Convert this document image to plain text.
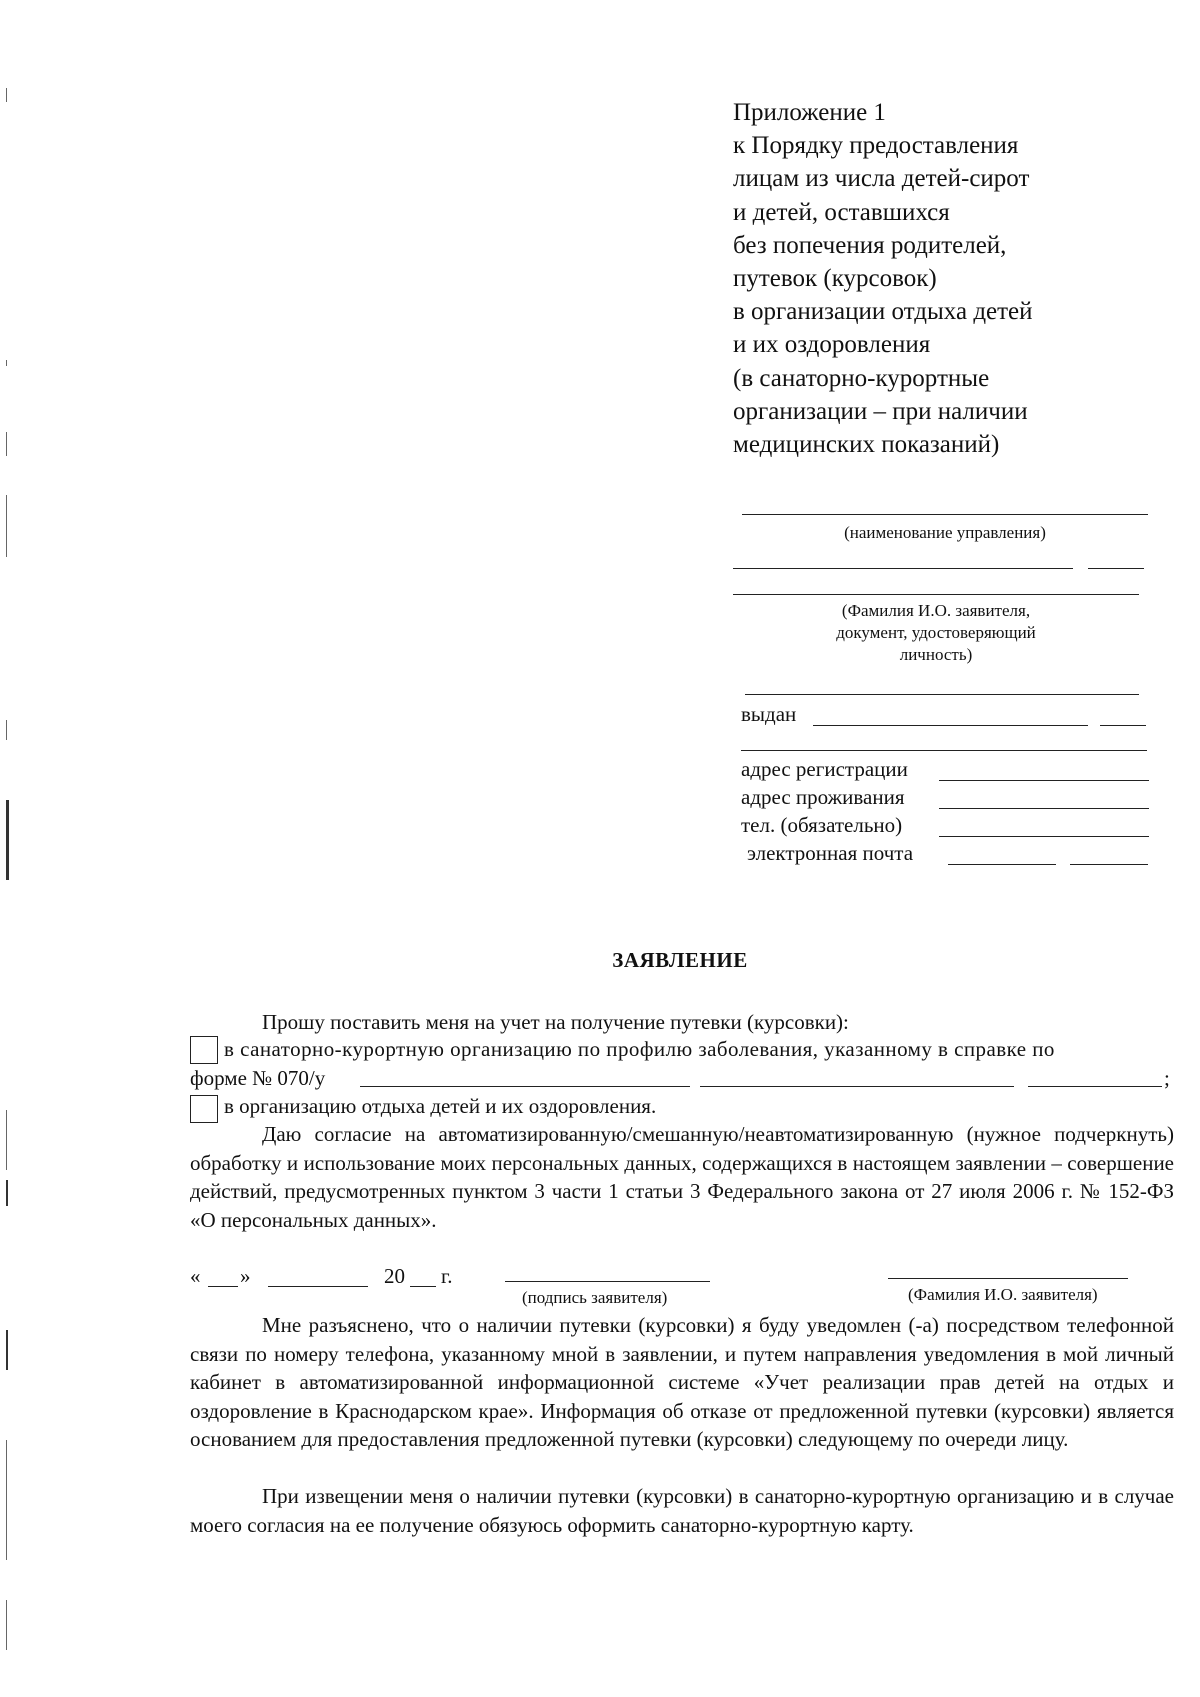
Приложение 1
к Порядку предоставления
лицам из числа детей-сирот
и детей, оставшихся
без попечения родителей,
путевок (курсовок)
в организации отдыха детей
и их оздоровления
(в санаторно-курортные
организации – при наличии
медицинских показаний)
(наименование управления)
(Фамилия И.О. заявителя,
документ, удостоверяющий
личность)
выдан
адрес регистрации
адрес проживания
тел. (обязательно)
электронная почта
ЗАЯВЛЕНИЕ
Прошу поставить меня на учет на получение путевки (курсовки):
в санаторно-курортную организацию по профилю заболевания, указанному в справке по
форме № 070/у	;
в организацию отдыха детей и их оздоровления.
Даю согласие на автоматизированную/смешанную/неавтоматизированную (нужное подчеркнуть) обработку и использование моих персональных данных, содержащихся в настоящем заявлении – совершение действий, предусмотренных пунктом 3 части 1 статьи 3 Федерального закона от 27 июля 2006 г. № 152-ФЗ «О персональных данных».
« »	20 г.
(подпись заявителя)	(Фамилия И.О. заявителя)
Мне разъяснено, что о наличии путевки (курсовки) я буду уведомлен (-а) посредством телефонной связи по номеру телефона, указанному мной в заявлении, и путем направления уведомления в мой личный кабинет в автоматизированной информационной системе «Учет реализации прав детей на отдых и оздоровление в Краснодарском крае». Информация об отказе от предложенной путевки (курсовки) является основанием для предоставления предложенной путевки (курсовки) следующему по очереди лицу.
При извещении меня о наличии путевки (курсовки) в санаторно-курортную организацию и в случае моего согласия на ее получение обязуюсь оформить санаторно-курортную карту.
